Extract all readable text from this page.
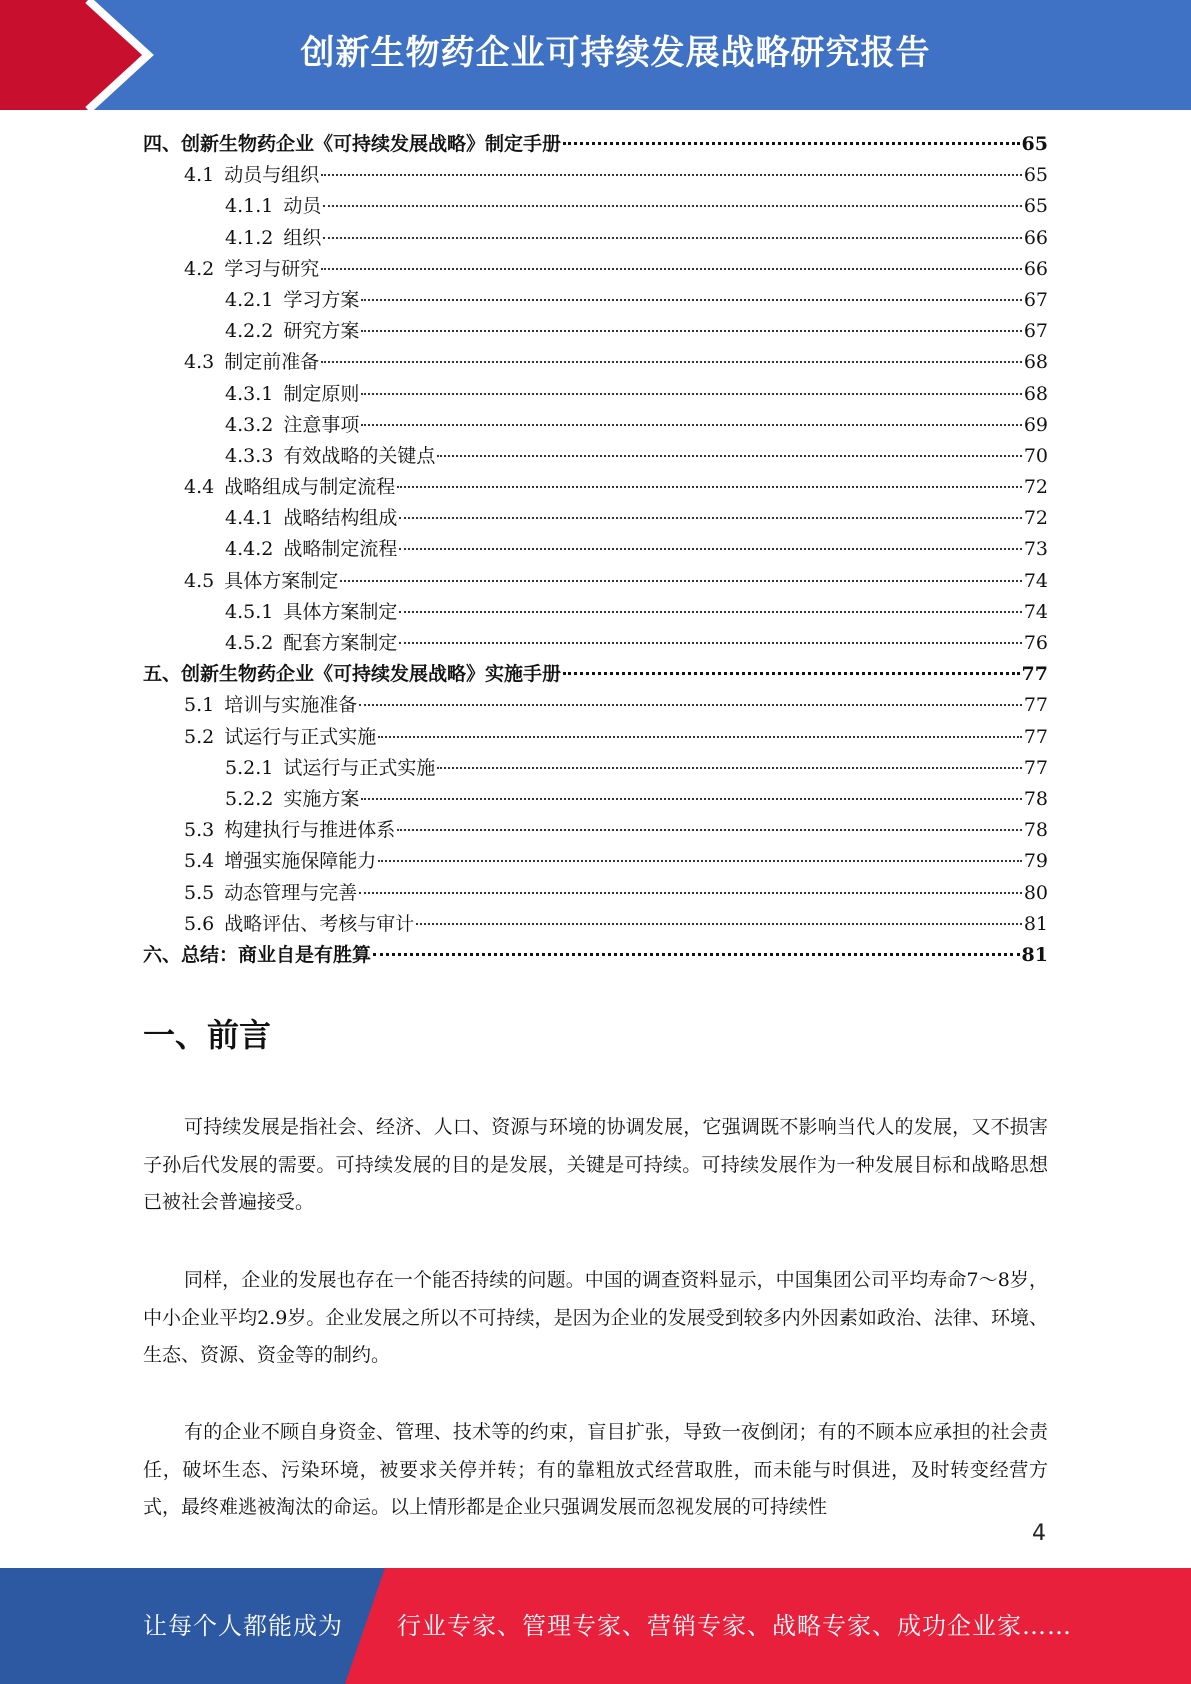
创新生物药企业可持续发展战略研究报告
四、创新生物药企业《可持续发展战略》制定手册	65
4.1 动员与组织	65
4.1.1 动员	65
4.1.2 组织	66
4.2 学习与研究	66
4.2.1 学习方案	67
4.2.2 研究方案	67
4.3 制定前准备	68
4.3.1 制定原则	68
4.3.2 注意事项	69
4.3.3 有效战略的关键点	70
4.4 战略组成与制定流程	72
4.4.1 战略结构组成	72
4.4.2 战略制定流程	73
4.5 具体方案制定	74
4.5.1 具体方案制定	74
4.5.2 配套方案制定	76
五、创新生物药企业《可持续发展战略》实施手册	77
5.1 培训与实施准备	77
5.2 试运行与正式实施	77
5.2.1 试运行与正式实施	77
5.2.2 实施方案	78
5.3 构建执行与推进体系	78
5.4 增强实施保障能力	79
5.5 动态管理与完善	80
5.6 战略评估、考核与审计	81
六、总结：商业自是有胜算	81
一、前言

可持续发展是指社会、经济、人口、资源与环境的协调发展，它强调既不影响当代人的发展，又不损害子孙后代发展的需要。可持续发展的目的是发展，关键是可持续。可持续发展作为一种发展目标和战略思想已被社会普遍接受。

同样，企业的发展也存在一个能否持续的问题。中国的调查资料显示，中国集团公司平均寿命7～8岁，中小企业平均2.9岁。企业发展之所以不可持续，是因为企业的发展受到较多内外因素如政治、法律、环境、生态、资源、资金等的制约。

有的企业不顾自身资金、管理、技术等的约束，盲目扩张，导致一夜倒闭；有的不顾本应承担的社会责任，破坏生态、污染环境，被要求关停并转；有的靠粗放式经营取胜，而未能与时俱进，及时转变经营方式，最终难逃被淘汰的命运。以上情形都是企业只强调发展而忽视发展的可持续性

4
让每个人都能成为 行业专家、管理专家、营销专家、战略专家、成功企业家……
